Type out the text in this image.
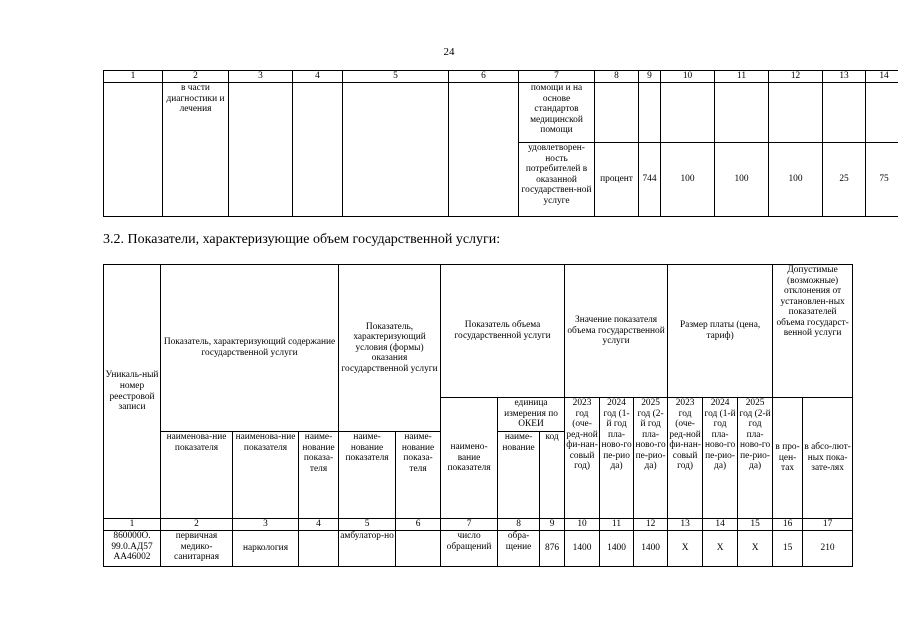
24
1	2	3	4	5	6	7	8	9	10	11	12	13	14
	в части диагностики и лечения					помощи и на основе стандартов медицинской помощи							
						удовлетворен-ность потребителей в оказанной государствен-ной услуге	процент	744	100	100	100	25	75
3.2. Показатели, характеризующие объем государственной услуги:
Уникаль-ный номер реестровой записи	Показатель, характеризующий содержание государственной услуги			Показатель, характеризующий условия (формы) оказания государственной услуги		Показатель объема государственной услуги			Значение показателя объема государственной услуги			Размер платы (цена, тариф)			Допустимые (возможные) отклонения от установлен-ных показателей объема государст-венной услуги	
						наимено-вание показателя	единица измерения по ОКЕИ		2023 год (оче-ред-ной фи-нан-совый год)	2024 год (1-й год пла-ново-го пе-рио да)	2025 год (2-й год пла-ново-го пе-рио-да)	2023 год (оче-ред-ной фи-нан-совый год)	2024 год (1-й год пла-ново-го пе-рио-да)	2025 год (2-й год пла-ново-го пе-рио-да)	в про-цен-тах	в абсо-лют-ных пока-зате-лях
	наименова-ние показателя	наименова-ние показателя	наиме-нование показа-теля	наиме-нование показателя	наиме-нование показа-теля		наиме-нование	код								

1	2	3	4	5	6	7	8	9	10	11	12	13	14	15	16	17
860000О. 99.0.АД57 АА46002	первичная медико-санитарная	наркология		амбулатор-но		число обращений	обра-щение	876	1400	1400	1400	Х	Х	Х	15	210
